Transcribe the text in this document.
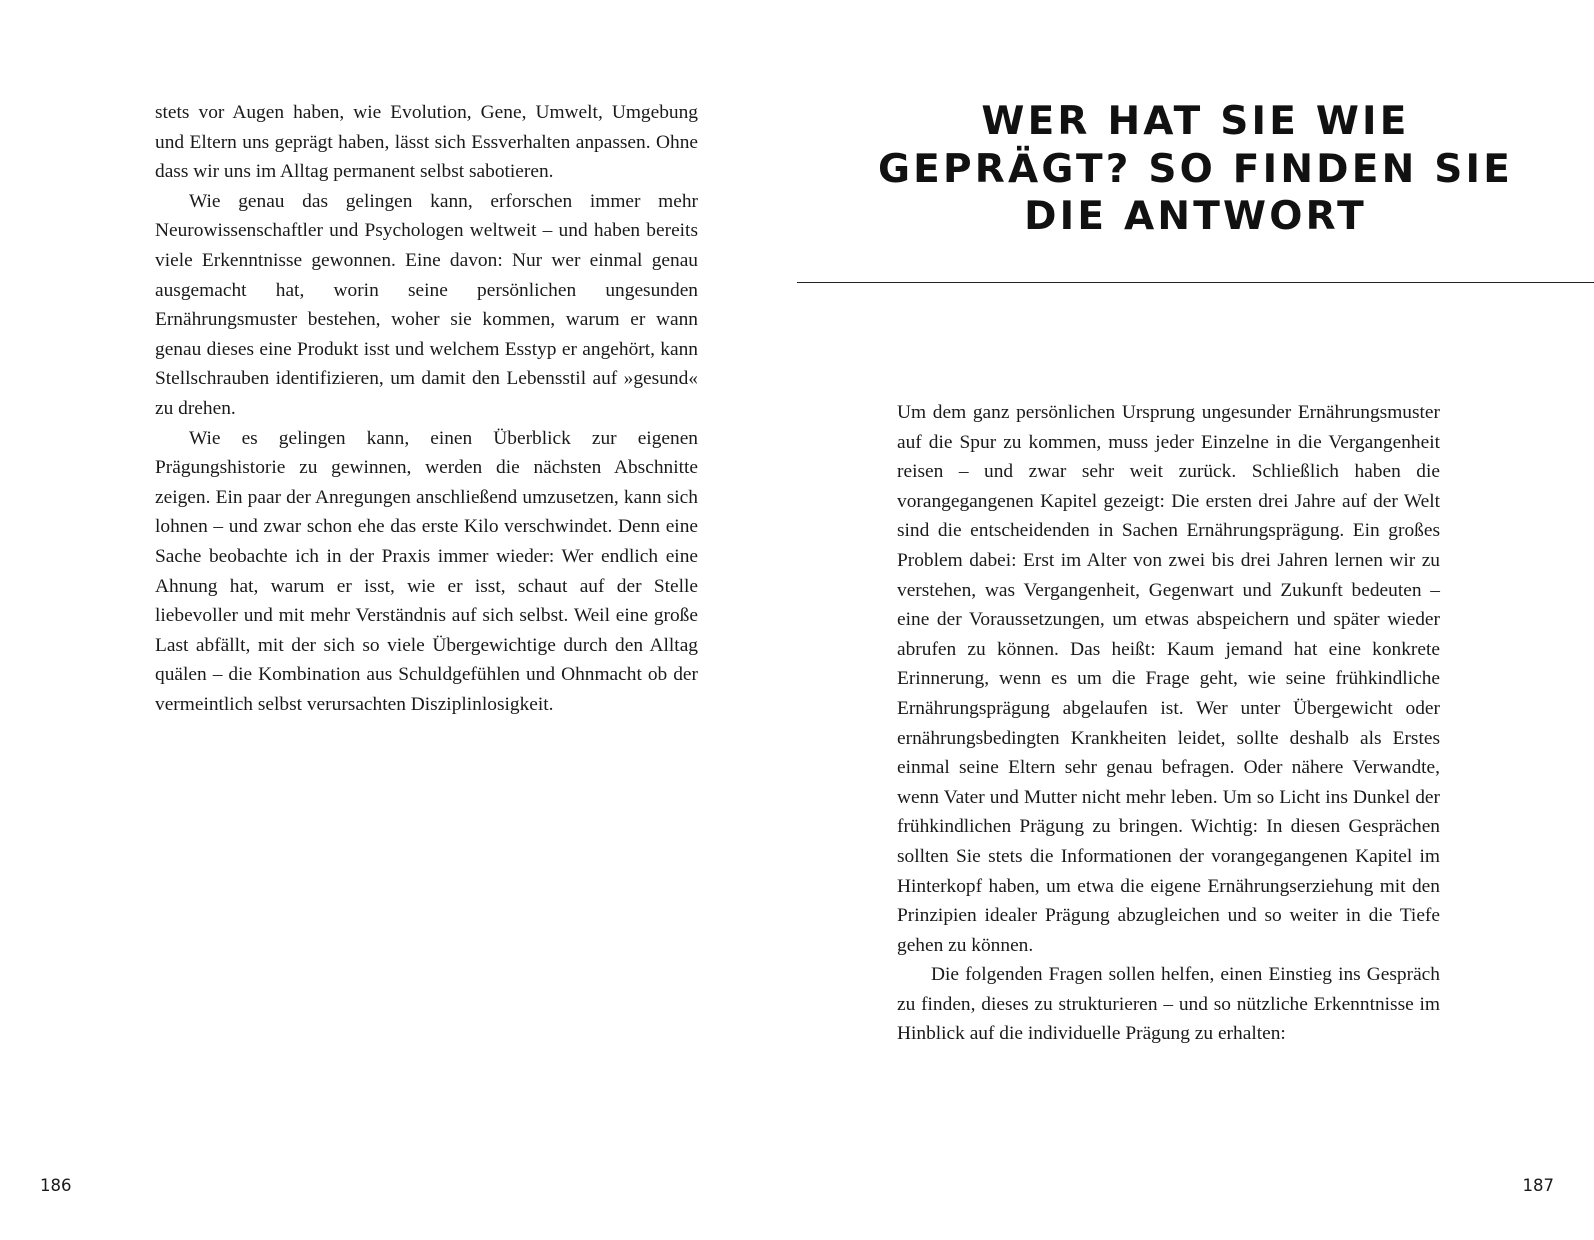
stets vor Augen haben, wie Evolution, Gene, Umwelt, Umgebung und Eltern uns geprägt haben, lässt sich Essverhalten anpassen. Ohne dass wir uns im Alltag permanent selbst sabotieren.

Wie genau das gelingen kann, erforschen immer mehr Neurowissenschaftler und Psychologen weltweit – und haben bereits viele Erkenntnisse gewonnen. Eine davon: Nur wer einmal genau ausgemacht hat, worin seine persönlichen ungesunden Ernährungsmuster bestehen, woher sie kommen, warum er wann genau dieses eine Produkt isst und welchem Esstyp er angehört, kann Stellschrauben identifizieren, um damit den Lebensstil auf »gesund« zu drehen.

Wie es gelingen kann, einen Überblick zur eigenen Prägungshistorie zu gewinnen, werden die nächsten Abschnitte zeigen. Ein paar der Anregungen anschließend umzusetzen, kann sich lohnen – und zwar schon ehe das erste Kilo verschwindet. Denn eine Sache beobachte ich in der Praxis immer wieder: Wer endlich eine Ahnung hat, warum er isst, wie er isst, schaut auf der Stelle liebevoller und mit mehr Verständnis auf sich selbst. Weil eine große Last abfällt, mit der sich so viele Übergewichtige durch den Alltag quälen – die Kombination aus Schuldgefühlen und Ohnmacht ob der vermeintlich selbst verursachten Disziplinlosigkeit.

186
WER HAT SIE WIE
GEPRÄGT? SO FINDEN SIE
DIE ANTWORT

Um dem ganz persönlichen Ursprung ungesunder Ernährungsmuster auf die Spur zu kommen, muss jeder Einzelne in die Vergangenheit reisen – und zwar sehr weit zurück. Schließlich haben die vorangegangenen Kapitel gezeigt: Die ersten drei Jahre auf der Welt sind die entscheidenden in Sachen Ernährungsprägung. Ein großes Problem dabei: Erst im Alter von zwei bis drei Jahren lernen wir zu verstehen, was Vergangenheit, Gegenwart und Zukunft bedeuten – eine der Voraussetzungen, um etwas abspeichern und später wieder abrufen zu können. Das heißt: Kaum jemand hat eine konkrete Erinnerung, wenn es um die Frage geht, wie seine frühkindliche Ernährungsprägung abgelaufen ist. Wer unter Übergewicht oder ernährungsbedingten Krankheiten leidet, sollte deshalb als Erstes einmal seine Eltern sehr genau befragen. Oder nähere Verwandte, wenn Vater und Mutter nicht mehr leben. Um so Licht ins Dunkel der frühkindlichen Prägung zu bringen. Wichtig: In diesen Gesprächen sollten Sie stets die Informationen der vorangegangenen Kapitel im Hinterkopf haben, um etwa die eigene Ernährungserziehung mit den Prinzipien idealer Prägung abzugleichen und so weiter in die Tiefe gehen zu können.

Die folgenden Fragen sollen helfen, einen Einstieg ins Gespräch zu finden, dieses zu strukturieren – und so nützliche Erkenntnisse im Hinblick auf die individuelle Prägung zu erhalten:

187
